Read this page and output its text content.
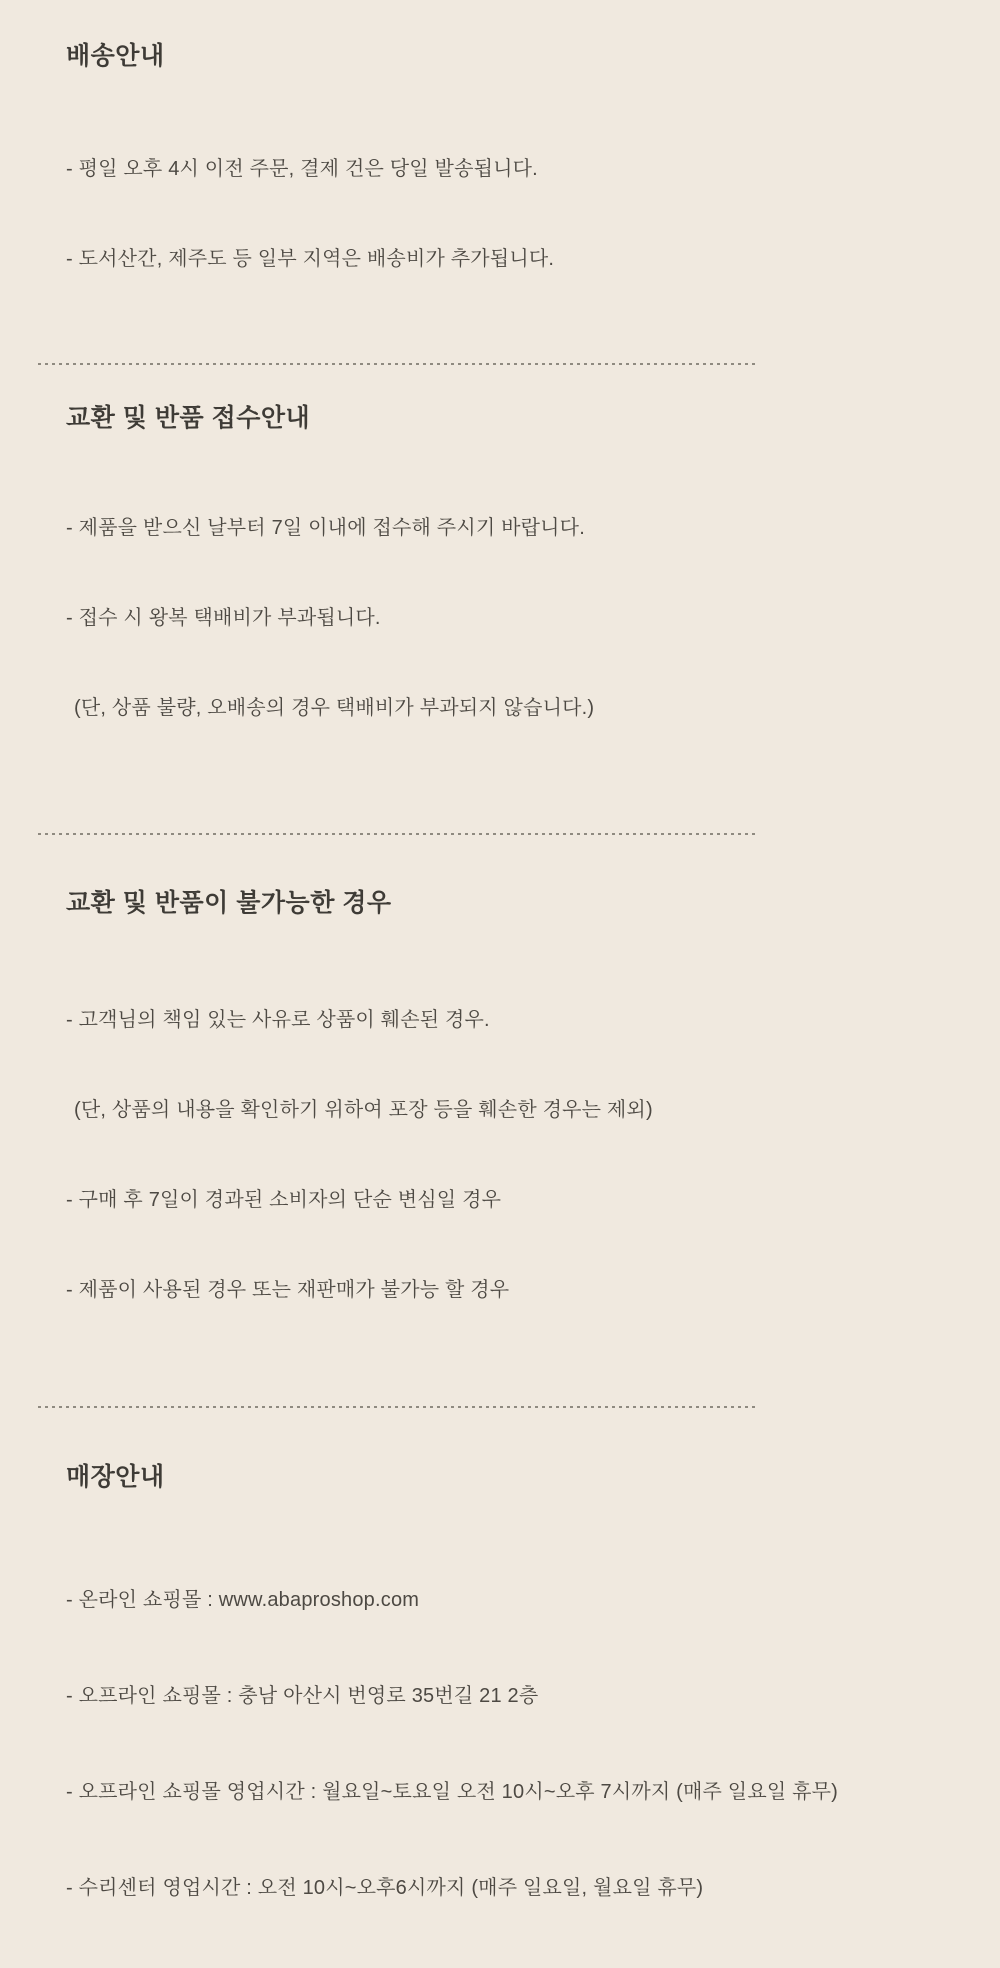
배송안내

- 평일 오후 4시 이전 주문, 결제 건은 당일 발송됩니다.

- 도서산간, 제주도 등 일부 지역은 배송비가 추가됩니다.

교환 및 반품 접수안내

- 제품을 받으신 날부터 7일 이내에 접수해 주시기 바랍니다.

- 접수 시 왕복 택배비가 부과됩니다.

(단, 상품 불량, 오배송의 경우 택배비가 부과되지 않습니다.)

교환 및 반품이 불가능한 경우

- 고객님의 책임 있는 사유로 상품이 훼손된 경우.

(단, 상품의 내용을 확인하기 위하여 포장 등을 훼손한 경우는 제외)

- 구매 후 7일이 경과된 소비자의 단순 변심일 경우

- 제품이 사용된 경우 또는 재판매가 불가능 할 경우

매장안내

- 온라인 쇼핑몰 : www.abaproshop.com

- 오프라인 쇼핑몰 : 충남 아산시 번영로 35번길 21 2층

- 오프라인 쇼핑몰 영업시간 : 월요일~토요일 오전 10시~오후 7시까지 (매주 일요일 휴무)

- 수리센터 영업시간 : 오전 10시~오후6시까지 (매주 일요일, 월요일 휴무)
